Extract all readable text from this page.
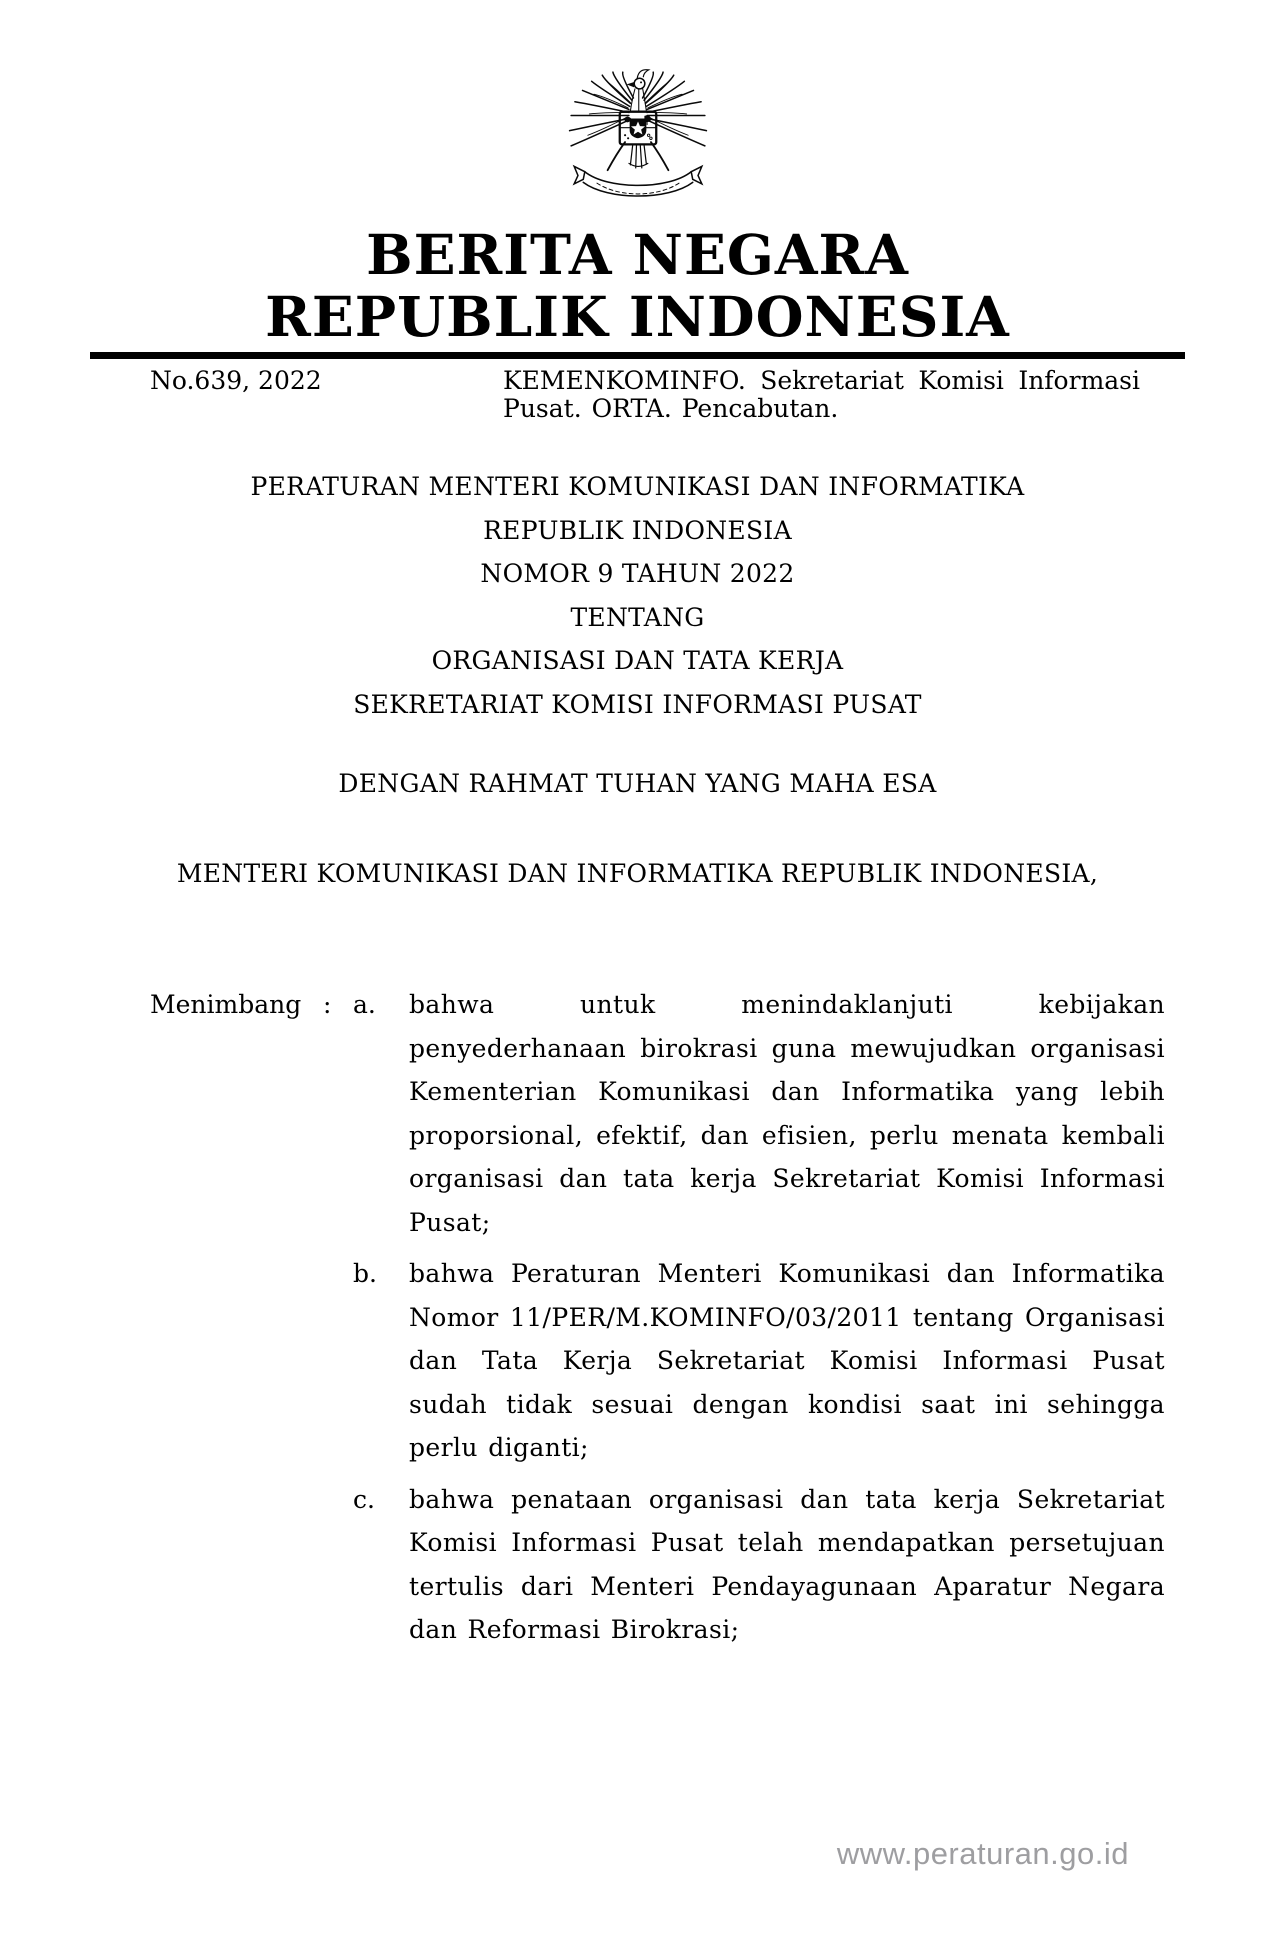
BERITA NEGARA
REPUBLIK INDONESIA
No.639, 2022	KEMENKOMINFO. Sekretariat Komisi Informasi Pusat. ORTA. Pencabutan.
PERATURAN MENTERI KOMUNIKASI DAN INFORMATIKA
REPUBLIK INDONESIA
NOMOR 9 TAHUN 2022
TENTANG
ORGANISASI DAN TATA KERJA
SEKRETARIAT KOMISI INFORMASI PUSAT
DENGAN RAHMAT TUHAN YANG MAHA ESA
MENTERI KOMUNIKASI DAN INFORMATIKA REPUBLIK INDONESIA,
Menimbang : a.	bahwa untuk menindaklanjuti kebijakan penyederhanaan birokrasi guna mewujudkan organisasi Kementerian Komunikasi dan Informatika yang lebih proporsional, efektif, dan efisien, perlu menata kembali organisasi dan tata kerja Sekretariat Komisi Informasi Pusat;
b.	bahwa Peraturan Menteri Komunikasi dan Informatika Nomor 11/PER/M.KOMINFO/03/2011 tentang Organisasi dan Tata Kerja Sekretariat Komisi Informasi Pusat sudah tidak sesuai dengan kondisi saat ini sehingga perlu diganti;
c.	bahwa penataan organisasi dan tata kerja Sekretariat Komisi Informasi Pusat telah mendapatkan persetujuan tertulis dari Menteri Pendayagunaan Aparatur Negara dan Reformasi Birokrasi;
www.peraturan.go.id
